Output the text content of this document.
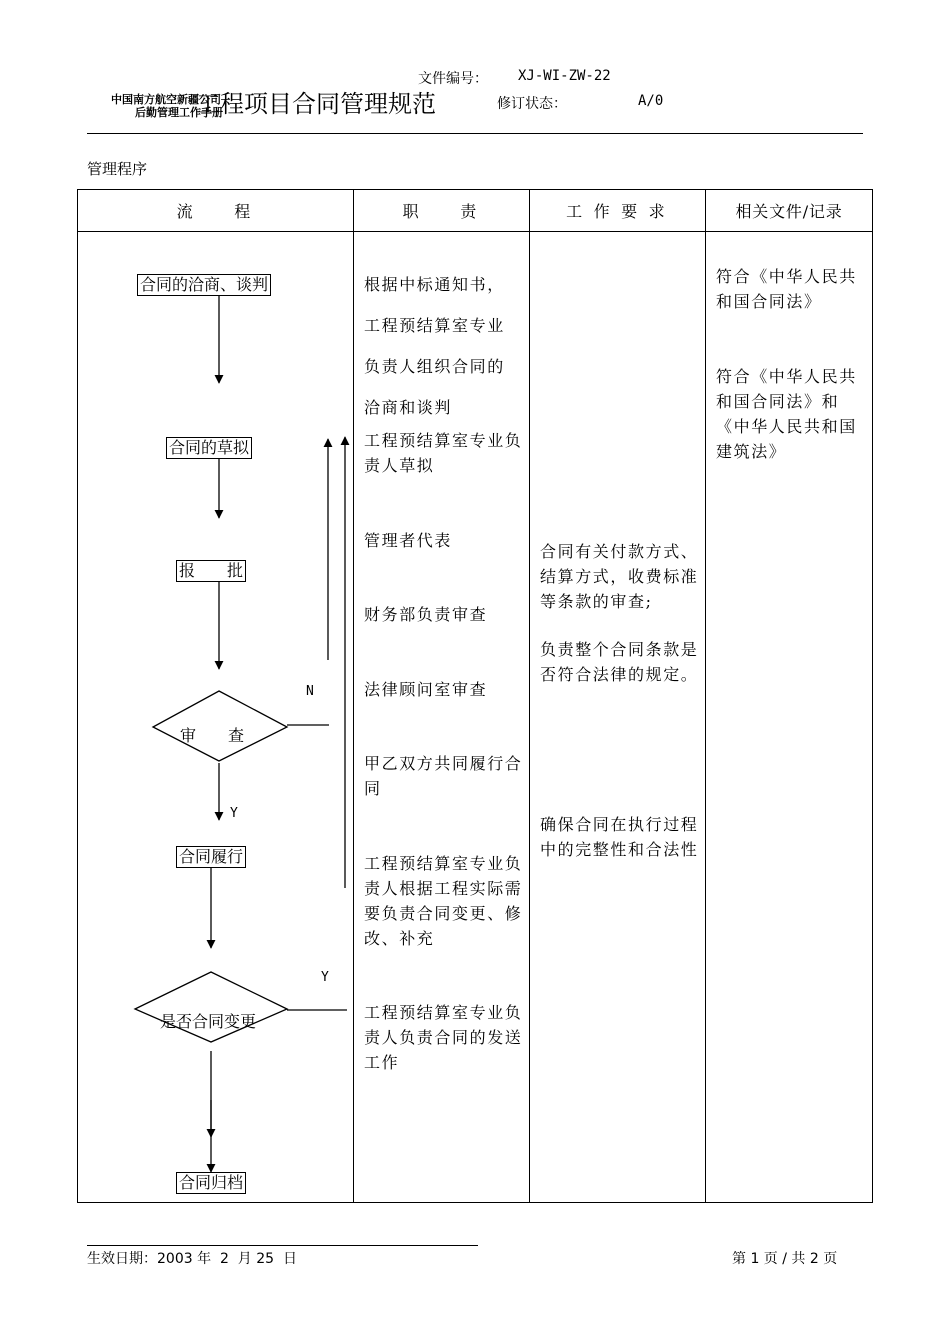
文件编号： XJ-WI-ZW-22
中国南方航空新疆公司
后勤管理工作手册
工程项目合同管理规范	修订状态：	A/0
管理程序
流　　程	职　　责	工 作 要 求	相关文件/记录
合同的洽商、谈判
合同的草拟
报　　批
审　　查
合同履行
是否合同变更
合同归档
N
Y
Y
根据中标通知书，
工程预结算室专业
负责人组织合同的
洽商和谈判
工程预结算室专业负责人草拟
管理者代表
财务部负责审查
法律顾问室审查
甲乙双方共同履行合同
工程预结算室专业负责人根据工程实际需要负责合同变更、修改、补充
工程预结算室专业负责人负责合同的发送工作
合同有关付款方式、结算方式，收费标准等条款的审查;
负责整个合同条款是否符合法律的规定。
确保合同在执行过程中的完整性和合法性
符合《中华人民共和国合同法》
符合《中华人民共和国合同法》和《中华人民共和国建筑法》
生效日期：2003 年  2  月 25  日	第 1 页 / 共 2 页
